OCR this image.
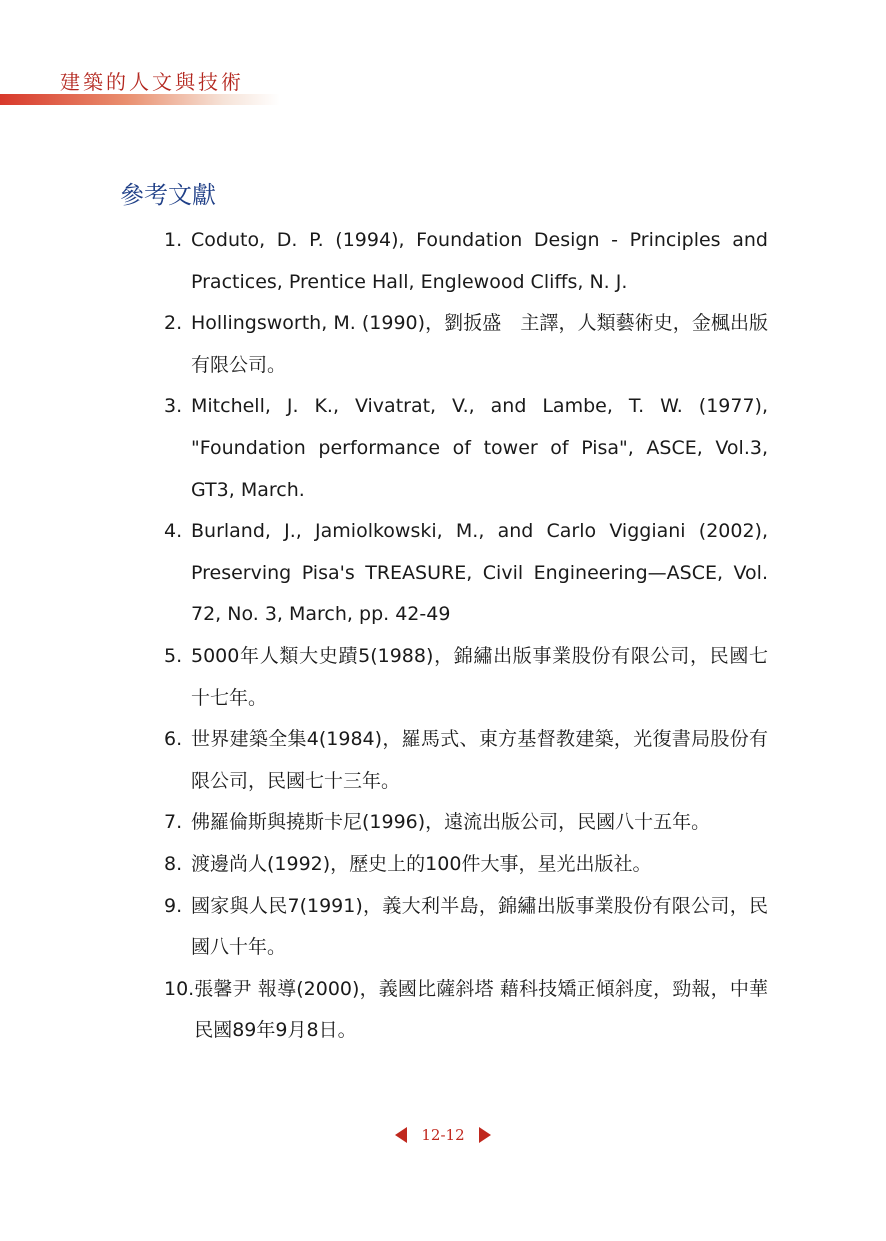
建築的人文與技術
參考文獻
1. Coduto, D. P. (1994), Foundation Design - Principles and Practices, Prentice Hall, Englewood Cliffs, N. J.
2. Hollingsworth, M. (1990)，劉扳盛　主譯，人類藝術史，金楓出版有限公司。
3. Mitchell, J. K., Vivatrat, V., and Lambe, T. W. (1977), "Foundation performance of tower of Pisa", ASCE, Vol.3, GT3, March.
4. Burland, J., Jamiolkowski, M., and Carlo Viggiani (2002), Preserving Pisa's TREASURE, Civil Engineering—ASCE, Vol. 72, No. 3, March, pp. 42-49
5. 5000年人類大史蹟5(1988)，錦繡出版事業股份有限公司，民國七十七年。
6. 世界建築全集4(1984)，羅馬式、東方基督教建築，光復書局股份有限公司，民國七十三年。
7. 佛羅倫斯與撓斯卡尼(1996)，遠流出版公司，民國八十五年。
8. 渡邊尚人(1992)，歷史上的100件大事，星光出版社。
9. 國家與人民7(1991)，義大利半島，錦繡出版事業股份有限公司，民國八十年。
10. 張馨尹 報導(2000)，義國比薩斜塔 藉科技矯正傾斜度，勁報，中華民國89年9月8日。
12-12
